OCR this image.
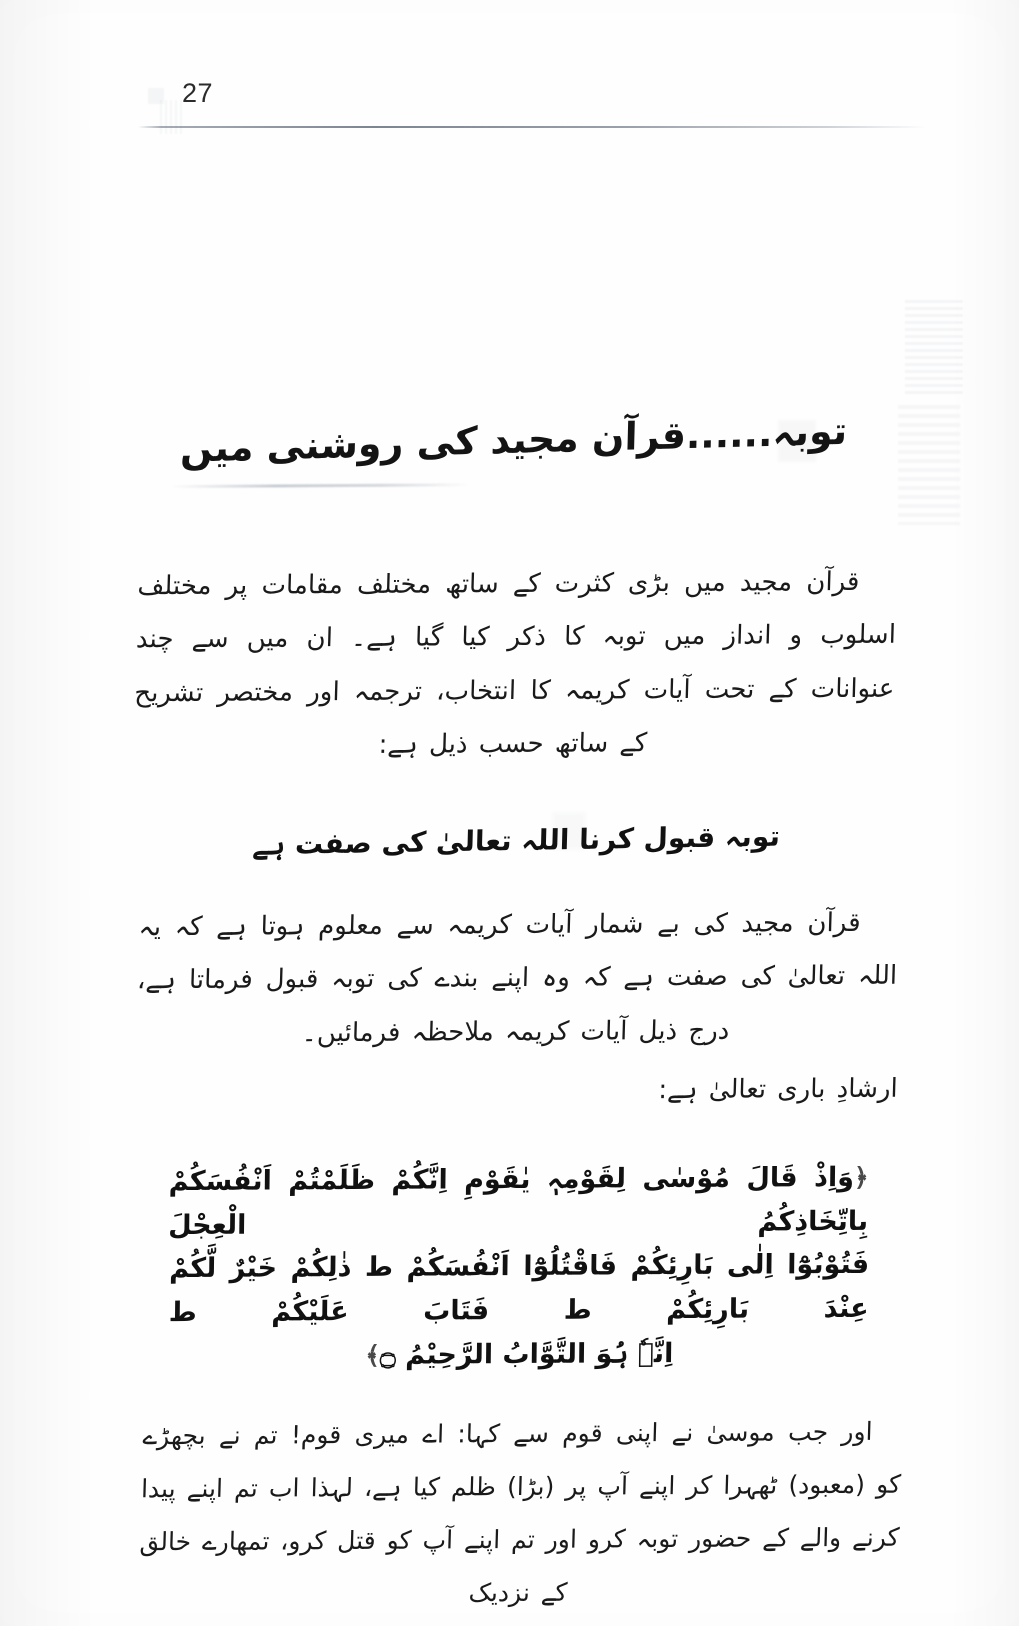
27
توبہ......قرآن مجید کی روشنی میں

قرآن مجید میں بڑی کثرت کے ساتھ مختلف مقامات پر مختلف اسلوب و انداز میں توبہ کا ذکر کیا گیا ہے۔ ان میں سے چند عنوانات کے تحت آیات کریمہ کا انتخاب، ترجمہ اور مختصر تشریح کے ساتھ حسب ذیل ہے:

توبہ قبول کرنا اللہ تعالیٰ کی صفت ہے

قرآن مجید کی بے شمار آیات کریمہ سے معلوم ہوتا ہے کہ یہ اللہ تعالیٰ کی صفت ہے کہ وہ اپنے بندے کی توبہ قبول فرماتا ہے، درج ذیل آیات کریمہ ملاحظہ فرمائیں۔

ارشادِ باری تعالیٰ ہے:

﴿وَاِذْ قَالَ مُوْسٰی لِقَوْمِہٖ یٰقَوْمِ اِنَّکُمْ ظَلَمْتُمْ اَنْفُسَکُمْ بِاتِّخَاذِکُمُ الْعِجْلَ
فَتُوْبُوْٓا اِلٰی بَارِئِکُمْ فَاقْتُلُوْٓا اَنْفُسَکُمْ ط ذٰلِکُمْ خَیْرٌ لَّکُمْ عِنْدَ بَارِئِکُمْ ط فَتَابَ عَلَیْکُمْ ط
اِنَّہٗ ہُوَ التَّوَّابُ الرَّحِیْمُ ۝﴾

اور جب موسیٰ نے اپنی قوم سے کہا: اے میری قوم! تم نے بچھڑے کو (معبود) ٹھہرا کر اپنے آپ پر (بڑا) ظلم کیا ہے، لہذا اب تم اپنے پیدا کرنے والے کے حضور توبہ کرو اور تم اپنے آپ کو قتل کرو، تمھارے خالق کے نزدیک
